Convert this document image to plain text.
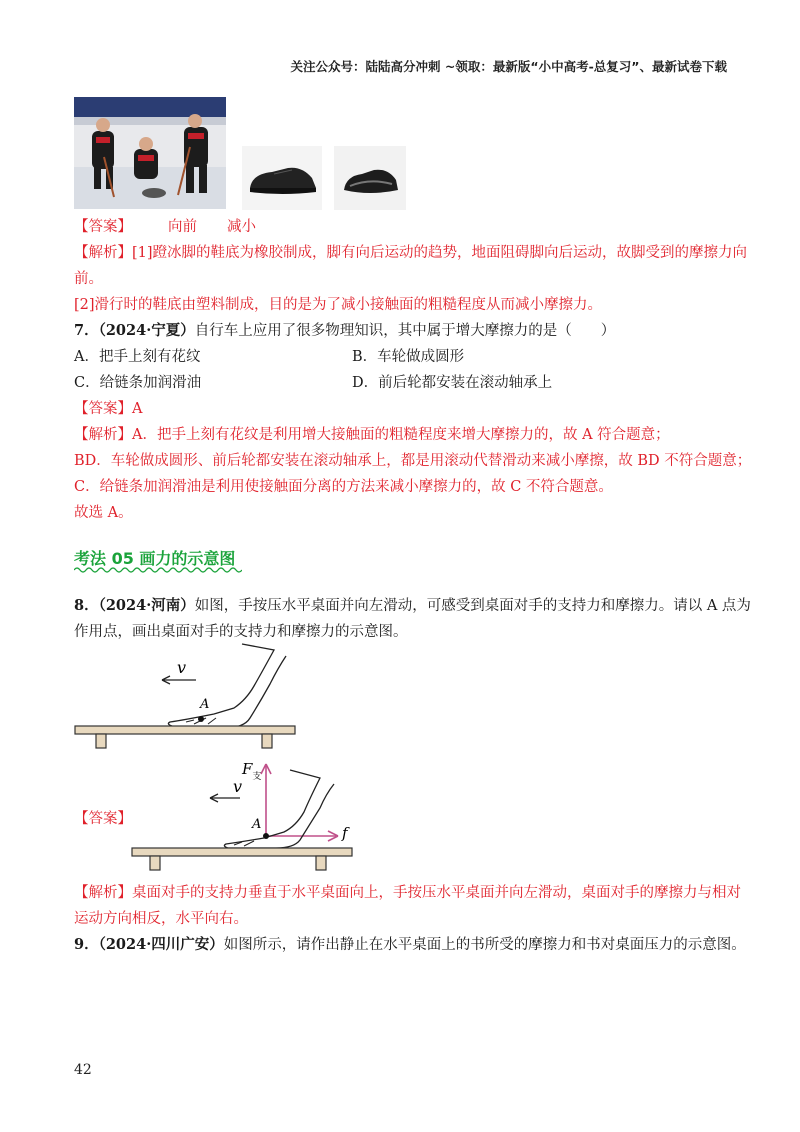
关注公众号：陆陆高分冲刺 ~领取：最新版“小中高考-总复习”、最新试卷下载
【答案】 向前 减小
【解析】[1]蹬冰脚的鞋底为橡胶制成，脚有向后运动的趋势，地面阻碍脚向后运动，故脚受到的摩擦力向
前。
[2]滑行时的鞋底由塑料制成，目的是为了减小接触面的粗糙程度从而减小摩擦力。
7．（2024·宁夏）自行车上应用了很多物理知识，其中属于增大摩擦力的是（　　）
A．把手上刻有花纹	B．车轮做成圆形
C．给链条加润滑油	D．前后轮都安装在滚动轴承上
【答案】A
【解析】A．把手上刻有花纹是利用增大接触面的粗糙程度来增大摩擦力的，故 A 符合题意；
BD．车轮做成圆形、前后轮都安装在滚动轴承上，都是用滚动代替滑动来减小摩擦，故 BD 不符合题意；
C．给链条加润滑油是利用使接触面分离的方法来减小摩擦力的，故 C 不符合题意。
故选 A。
考法 05 画力的示意图
8．（2024·河南）如图，手按压水平桌面并向左滑动，可感受到桌面对手的支持力和摩擦力。请以 A 点为
作用点，画出桌面对手的支持力和摩擦力的示意图。
v
A
【答案】
$F_支$
f
v
A
【解析】桌面对手的支持力垂直于水平桌面向上，手按压水平桌面并向左滑动，桌面对手的摩擦力与相对
运动方向相反，水平向右。
9．（2024·四川广安）如图所示，请作出静止在水平桌面上的书所受的摩擦力和书对桌面压力的示意图。
42
